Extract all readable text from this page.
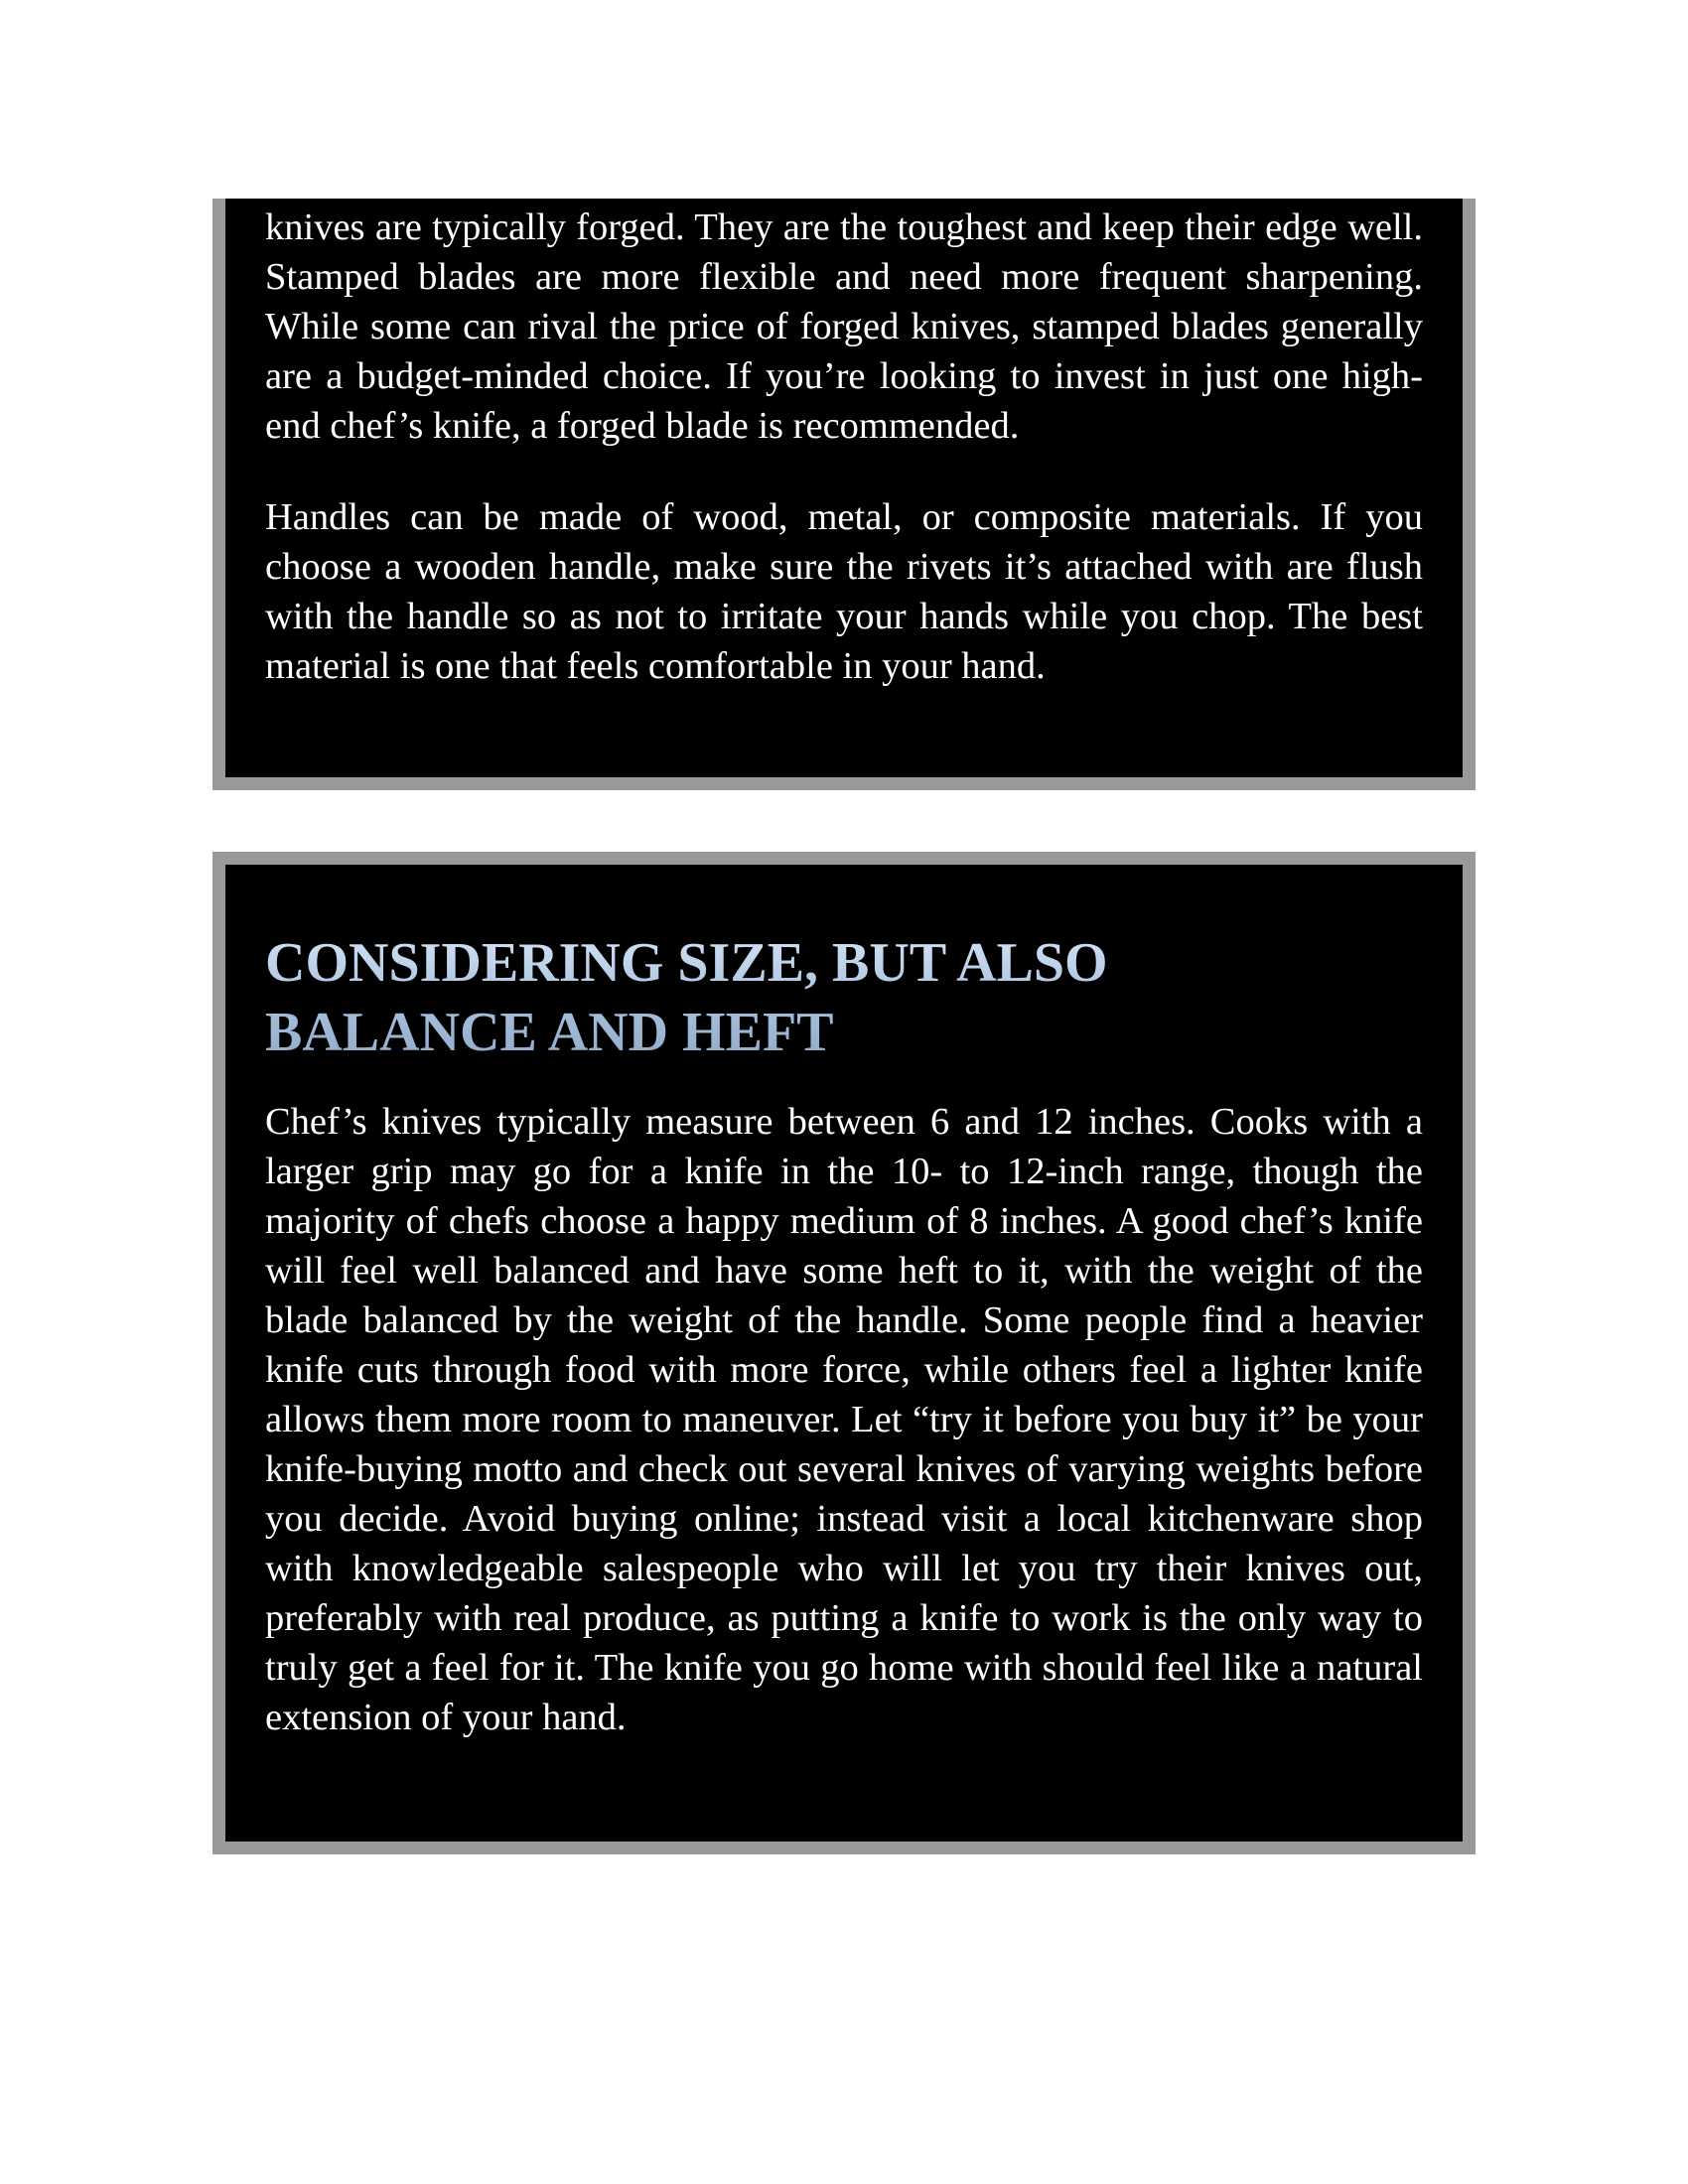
knives are typically forged. They are the toughest and keep their edge well. Stamped blades are more flexible and need more frequent sharpening. While some can rival the price of forged knives, stamped blades generally are a budget-minded choice. If you’re looking to invest in just one high-end chef’s knife, a forged blade is recommended.

Handles can be made of wood, metal, or composite materials. If you choose a wooden handle, make sure the rivets it’s attached with are flush with the handle so as not to irritate your hands while you chop. The best material is one that feels comfortable in your hand.

CONSIDERING SIZE, BUT ALSO
BALANCE AND HEFT

Chef’s knives typically measure between 6 and 12 inches. Cooks with a larger grip may go for a knife in the 10- to 12-inch range, though the majority of chefs choose a happy medium of 8 inches. A good chef’s knife will feel well balanced and have some heft to it, with the weight of the blade balanced by the weight of the handle. Some people find a heavier knife cuts through food with more force, while others feel a lighter knife allows them more room to maneuver. Let “try it before you buy it” be your knife-buying motto and check out several knives of varying weights before you decide. Avoid buying online; instead visit a local kitchenware shop with knowledgeable salespeople who will let you try their knives out, preferably with real produce, as putting a knife to work is the only way to truly get a feel for it. The knife you go home with should feel like a natural extension of your hand.
